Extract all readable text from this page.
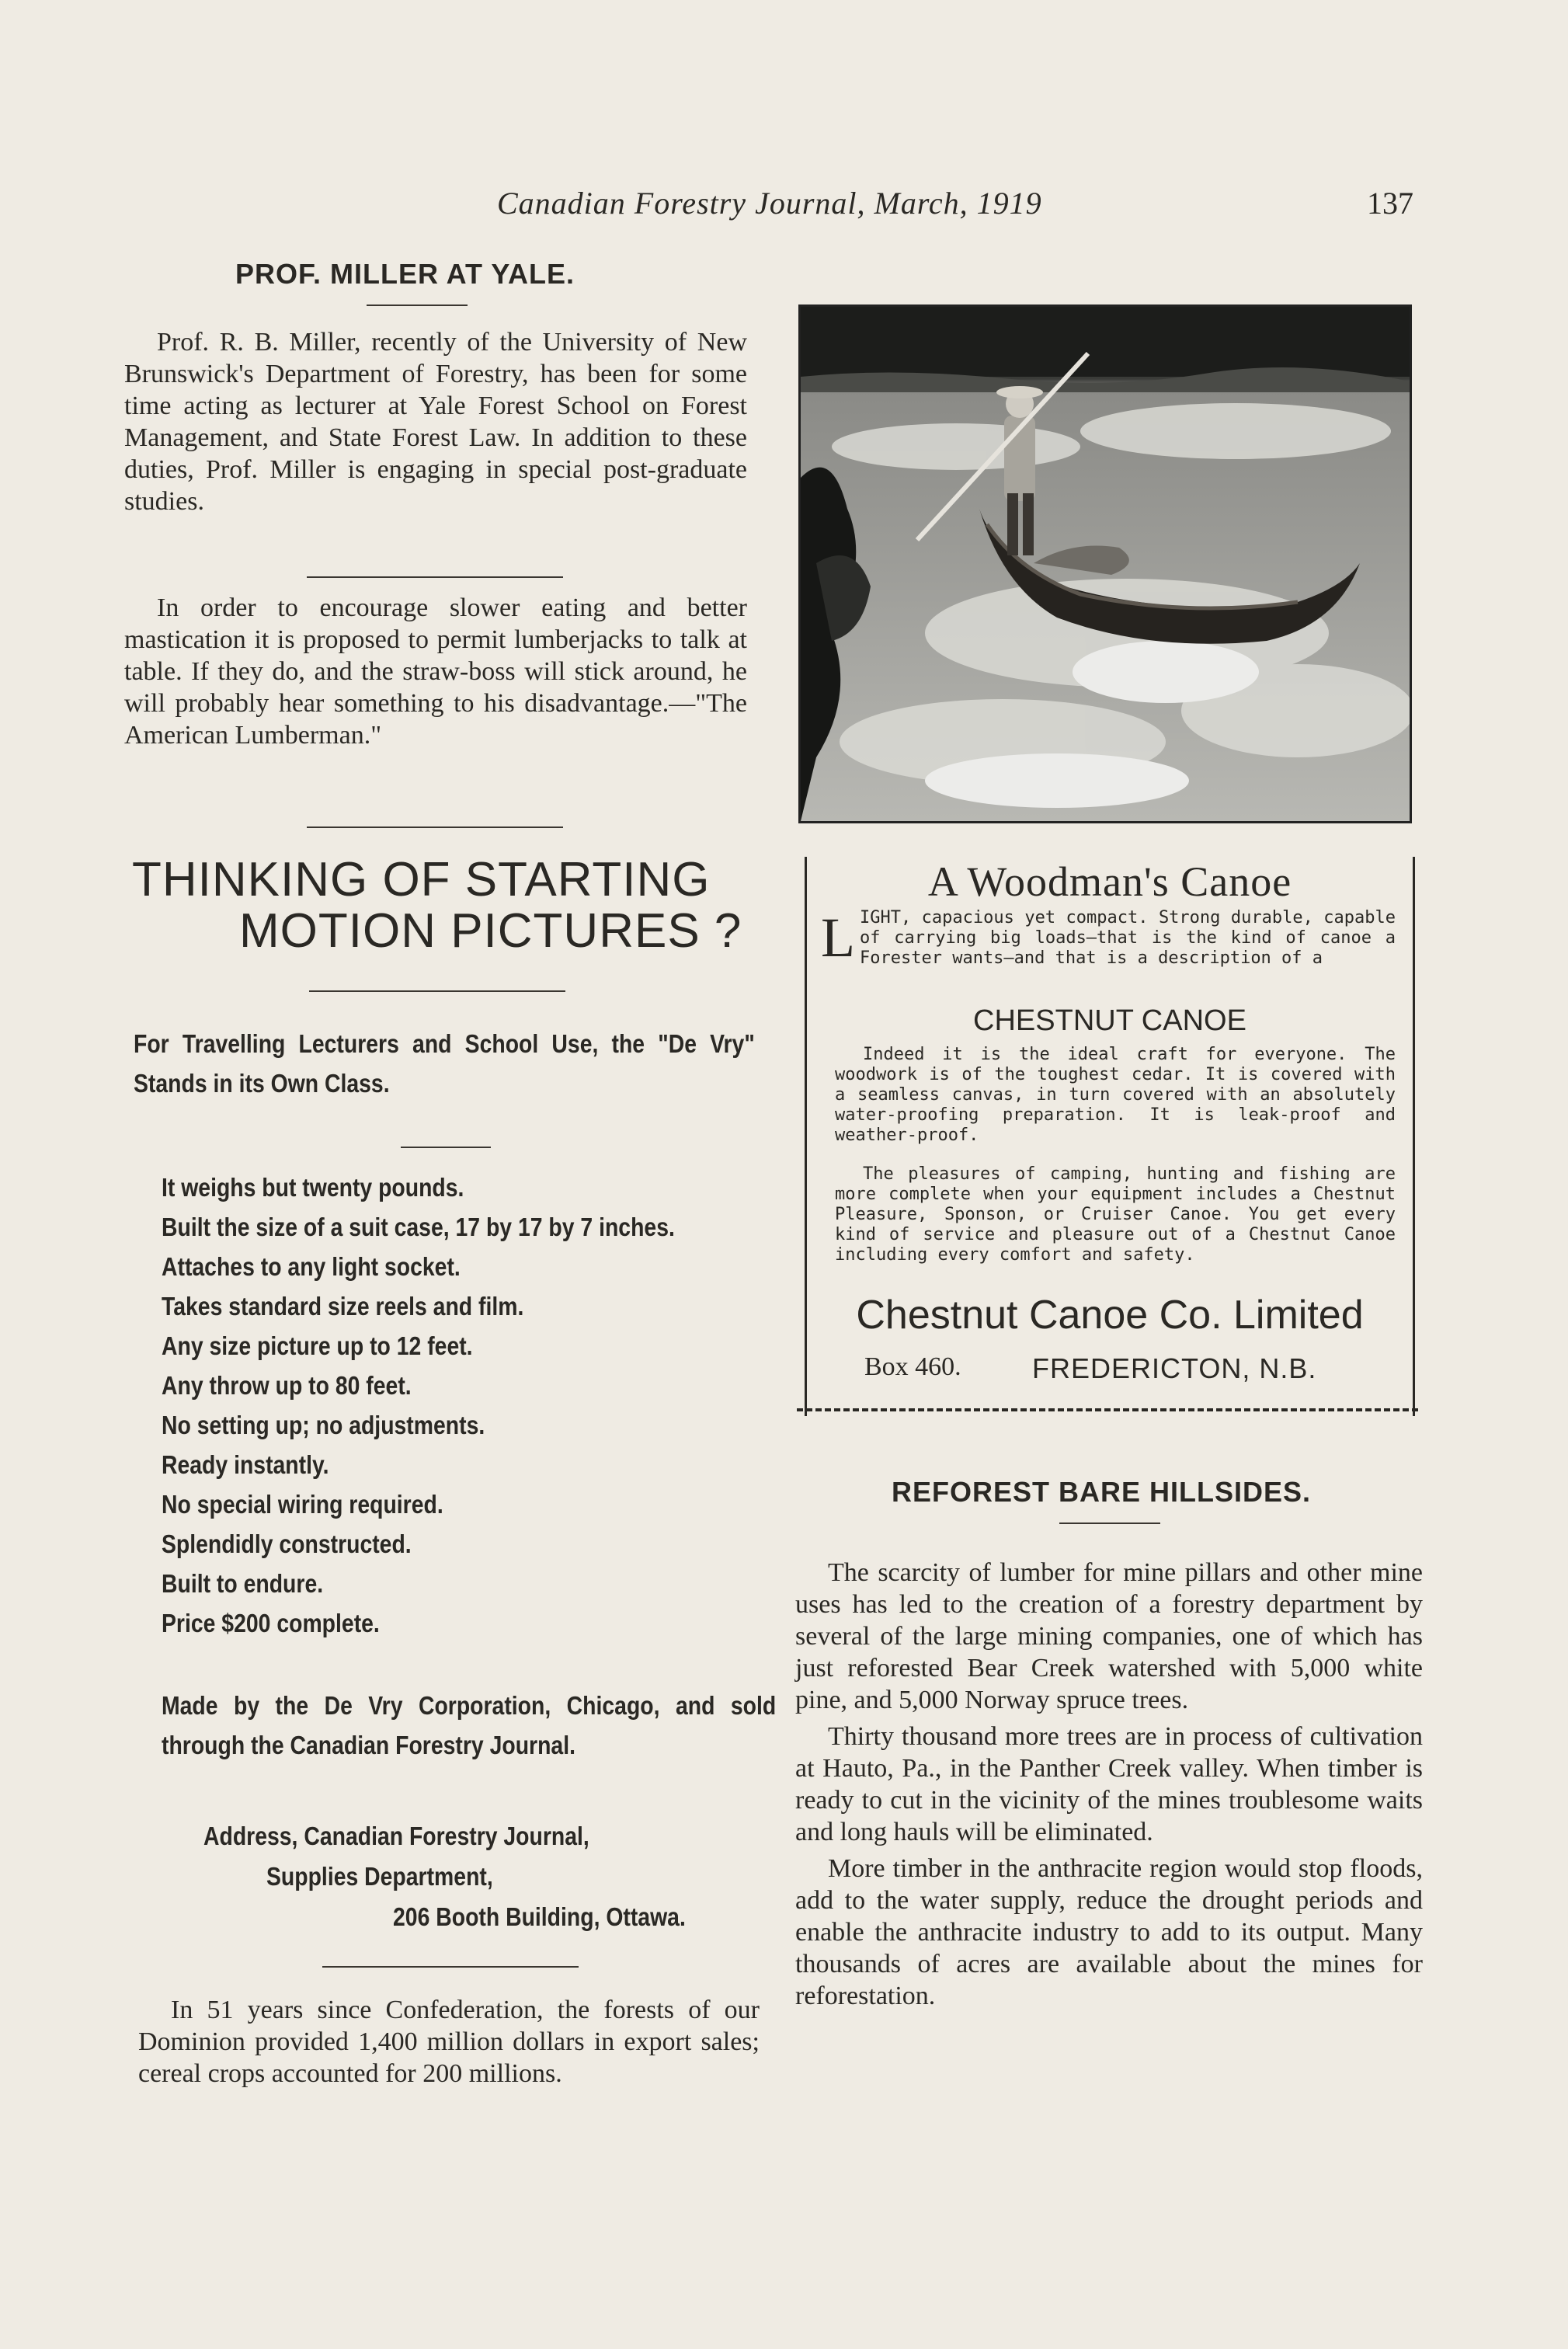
Canadian Forestry Journal, March, 1919	137
PROF. MILLER AT YALE.

Prof. R. B. Miller, recently of the University of New Brunswick's Department of Forestry, has been for some time acting as lecturer at Yale Forest School on Forest Management, and State Forest Law. In addition to these duties, Prof. Miller is engaging in special post-graduate studies.

In order to encourage slower eating and better mastication it is proposed to permit lumberjacks to talk at table. If they do, and the straw-boss will stick around, he will probably hear something to his disadvantage.—"The American Lumberman."

THINKING OF STARTING
MOTION PICTURES ?
For Travelling Lecturers and School Use, the "De Vry" Stands in its Own Class.
It weighs but twenty pounds.
Built the size of a suit case, 17 by 17 by 7 inches.
Attaches to any light socket.
Takes standard size reels and film.
Any size picture up to 12 feet.
Any throw up to 80 feet.
No setting up; no adjustments.
Ready instantly.
No special wiring required.
Splendidly constructed.
Built to endure.
Price $200 complete.
Made by the De Vry Corporation, Chicago, and sold through the Canadian Forestry Journal.
Address, Canadian Forestry Journal,
Supplies Department,
206 Booth Building, Ottawa.

In 51 years since Confederation, the forests of our Dominion provided 1,400 million dollars in export sales; cereal crops accounted for 200 millions.

A Woodman's Canoe
L IGHT, capacious yet compact. Strong durable, capable of carrying big loads—that is the kind of canoe a Forester wants—and that is a description of a
CHESTNUT CANOE
Indeed it is the ideal craft for everyone. The woodwork is of the toughest cedar. It is covered with a seamless canvas, in turn covered with an absolutely water-proofing preparation. It is leak-proof and weather-proof.
The pleasures of camping, hunting and fishing are more complete when your equipment includes a Chestnut Pleasure, Sponson, or Cruiser Canoe. You get every kind of service and pleasure out of a Chestnut Canoe including every comfort and safety.
Chestnut Canoe Co. Limited
Box 460.	FREDERICTON, N.B.
REFOREST BARE HILLSIDES.

The scarcity of lumber for mine pillars and other mine uses has led to the creation of a forestry department by several of the large mining companies, one of which has just reforested Bear Creek watershed with 5,000 white pine, and 5,000 Norway spruce trees.

Thirty thousand more trees are in process of cultivation at Hauto, Pa., in the Panther Creek valley. When timber is ready to cut in the vicinity of the mines troublesome waits and long hauls will be eliminated.

More timber in the anthracite region would stop floods, add to the water supply, reduce the drought periods and enable the anthracite industry to add to its output. Many thousands of acres are available about the mines for reforestation.
